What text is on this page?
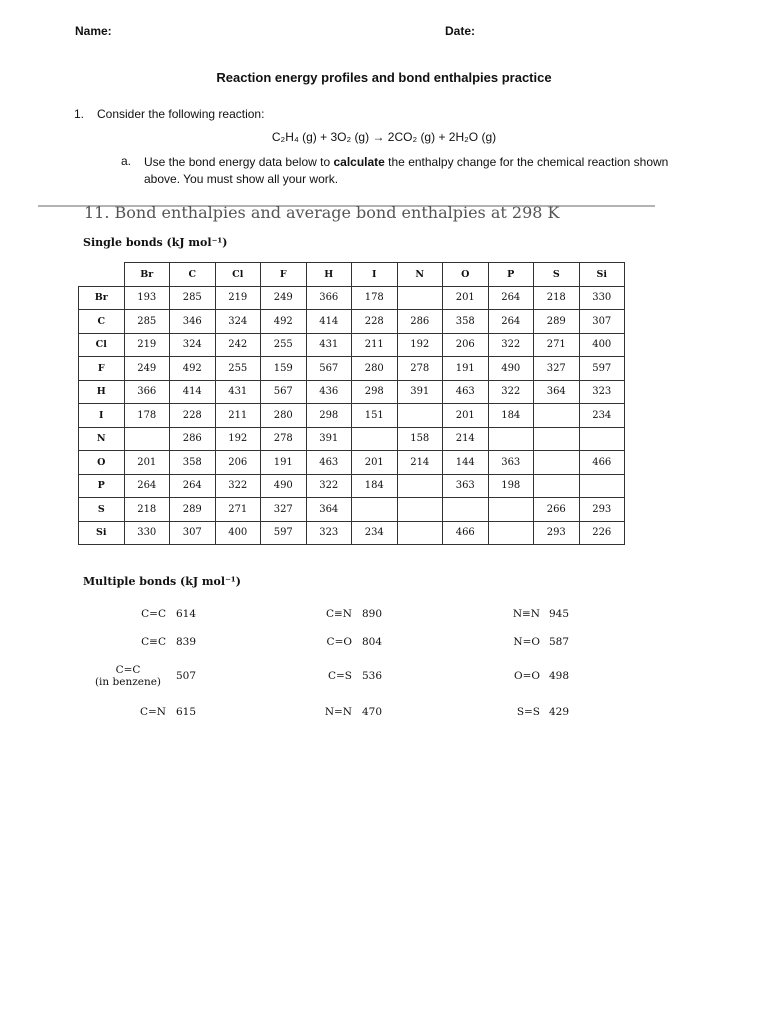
Name:	Date:
Reaction energy profiles and bond enthalpies practice
1. Consider the following reaction:
C₂H₄ (g) + 3O₂ (g) → 2CO₂ (g) + 2H₂O (g)
a. Use the bond energy data below to calculate the enthalpy change for the chemical reaction shown above. You must show all your work.
11. Bond enthalpies and average bond enthalpies at 298 K
Single bonds (kJ mol⁻¹)
	Br	C	Cl	F	H	I	N	O	P	S	Si
Br	193	285	219	249	366	178		201	264	218	330
C	285	346	324	492	414	228	286	358	264	289	307
Cl	219	324	242	255	431	211	192	206	322	271	400
F	249	492	255	159	567	280	278	191	490	327	597
H	366	414	431	567	436	298	391	463	322	364	323
I	178	228	211	280	298	151		201	184		234
N		286	192	278	391		158	214			
O	201	358	206	191	463	201	214	144	363		466
P	264	264	322	490	322	184		363	198		
S	218	289	271	327	364					266	293
Si	330	307	400	597	323	234		466		293	226
Multiple bonds (kJ mol⁻¹)
C=C 614	C≡N 890	N≡N 945
C≡C 839	C=O 804	N=O 587
C=C
(in benzene)	507	C=S 536	O=O 498
C=N 615	N=N 470	S=S 429
